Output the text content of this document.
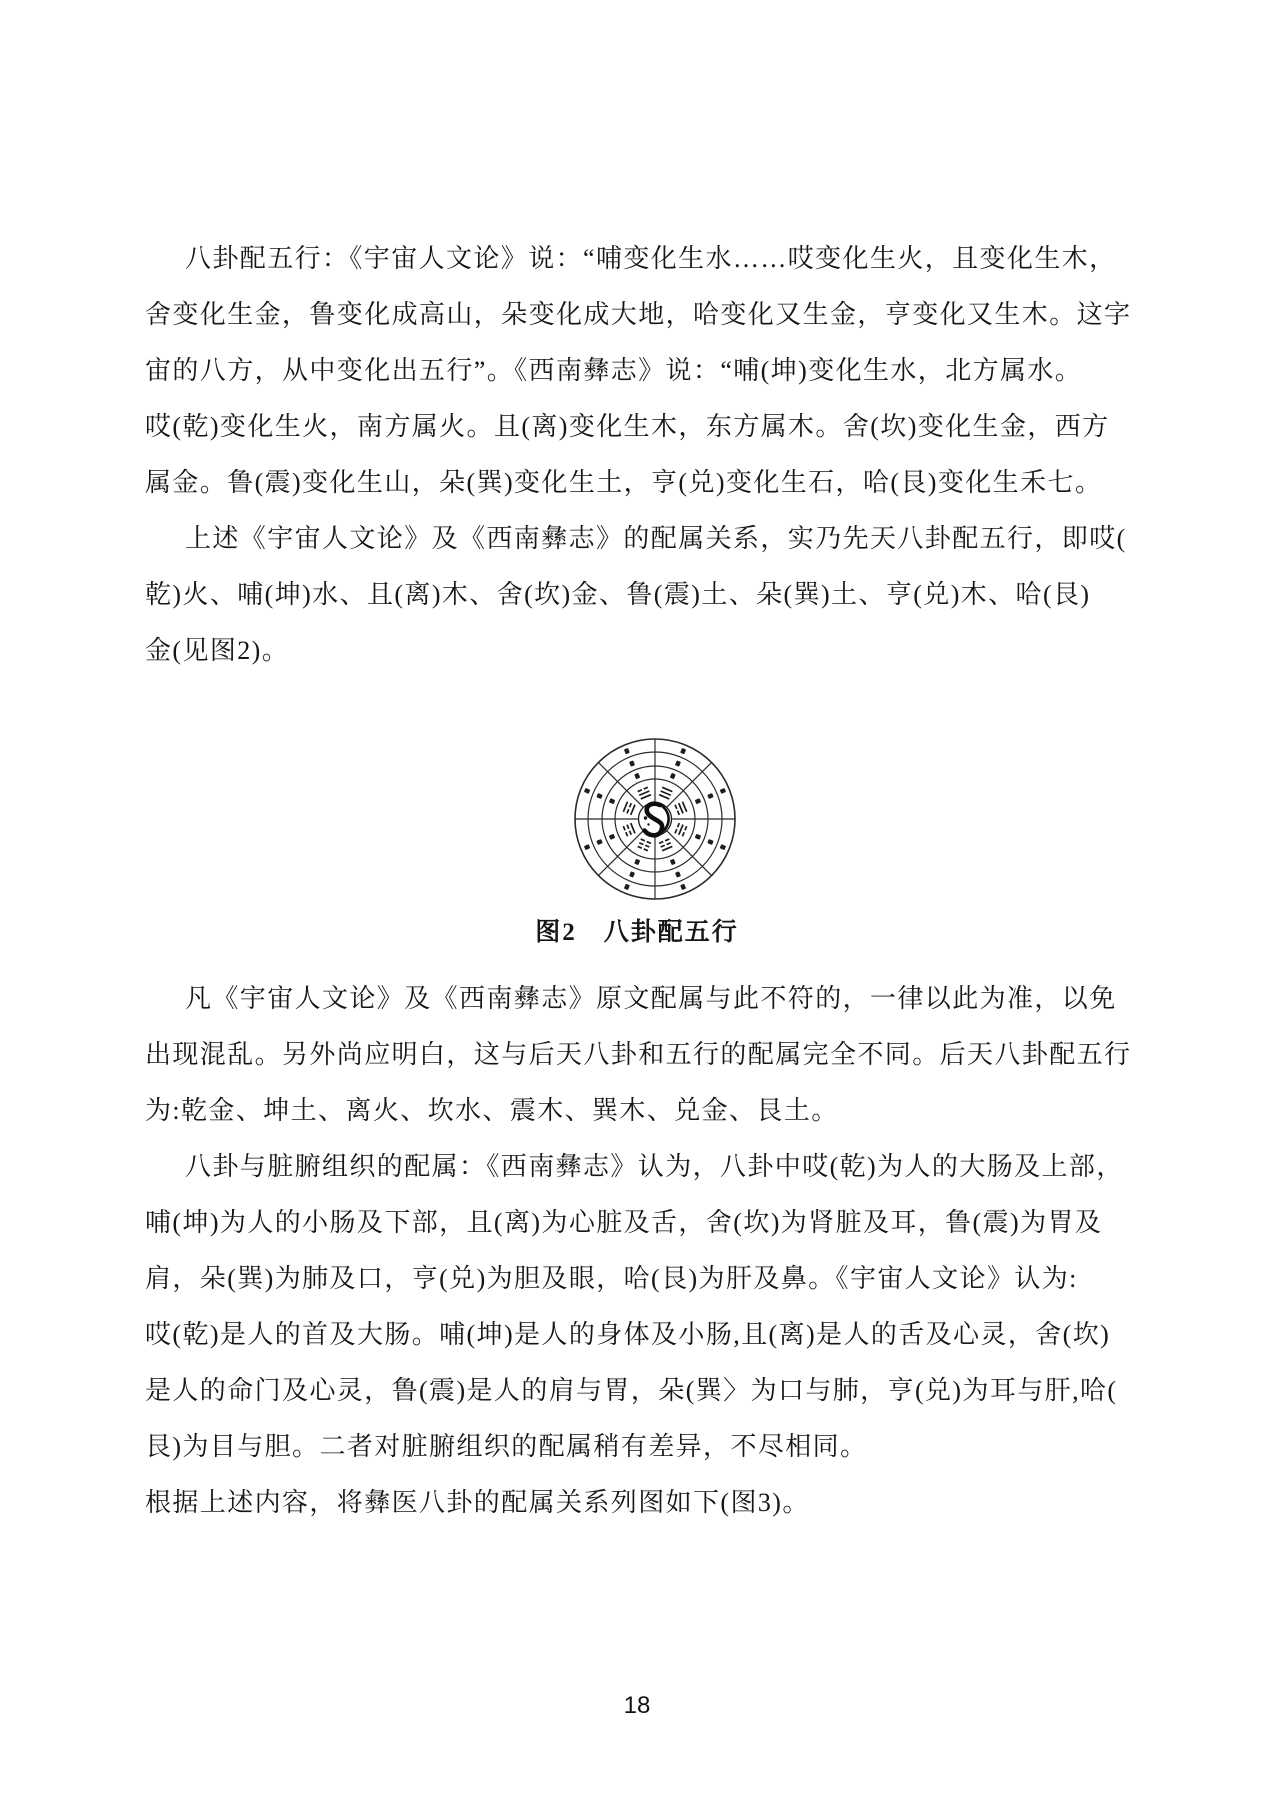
八卦配五行：《宇宙人文论》说：“哺变化生水……哎变化生火，且变化生木，
舍变化生金，鲁变化成高山，朵变化成大地，哈变化又生金，亨变化又生木。这字
宙的八方，从中变化出五行”。《西南彝志》说：“哺(坤)变化生水，北方属水。
哎(乾)变化生火，南方属火。且(离)变化生木，东方属木。舍(坎)变化生金，西方
属金。鲁(震)变化生山，朵(巽)变化生土，亨(兑)变化生石，哈(艮)变化生禾七。
上述《宇宙人文论》及《西南彝志》的配属关系，实乃先天八卦配五行，即哎(
乾)火、哺(坤)水、且(离)木、舍(坎)金、鲁(震)土、朵(巽)土、亨(兑)木、哈(艮)
金(见图2)。
图2　八卦配五行
凡《宇宙人文论》及《西南彝志》原文配属与此不符的，一律以此为准，以免
出现混乱。另外尚应明白，这与后天八卦和五行的配属完全不同。后天八卦配五行
为:乾金、坤土、离火、坎水、震木、巽木、兑金、艮土。
八卦与脏腑组织的配属：《西南彝志》认为，八卦中哎(乾)为人的大肠及上部，
哺(坤)为人的小肠及下部，且(离)为心脏及舌，舍(坎)为肾脏及耳，鲁(震)为胃及
肩，朵(巽)为肺及口，亨(兑)为胆及眼，哈(艮)为肝及鼻。《宇宙人文论》认为:
哎(乾)是人的首及大肠。哺(坤)是人的身体及小肠,且(离)是人的舌及心灵，舍(坎)
是人的命门及心灵，鲁(震)是人的肩与胃，朵(巽〉为口与肺，亨(兑)为耳与肝,哈(
艮)为目与胆。二者对脏腑组织的配属稍有差异，不尽相同。
根据上述内容，将彝医八卦的配属关系列图如下(图3)。
18
